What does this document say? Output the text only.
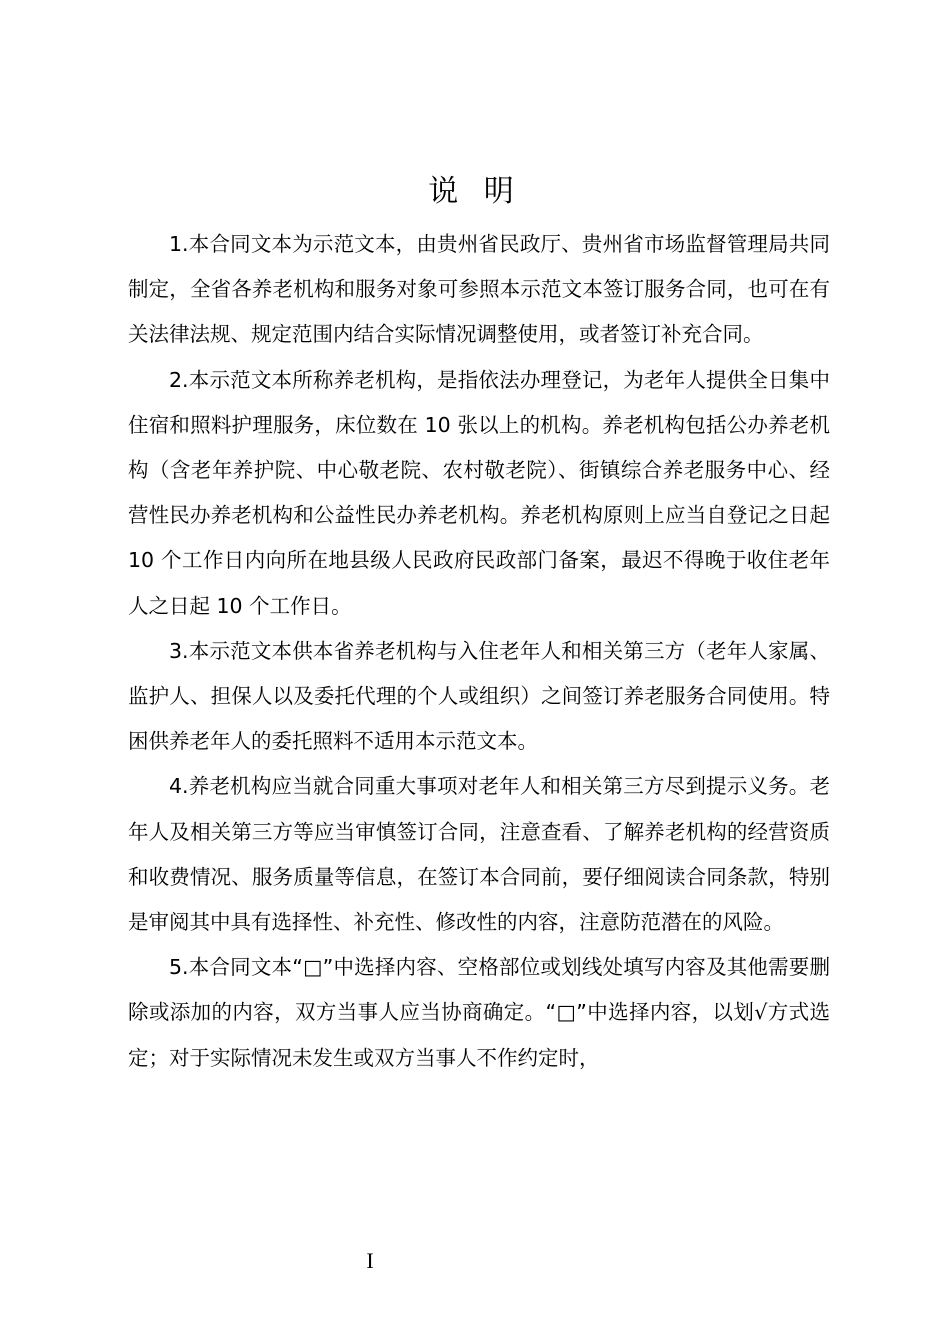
说 明

1.本合同文本为示范文本，由贵州省民政厅、贵州省市场监督管理局共同制定，全省各养老机构和服务对象可参照本示范文本签订服务合同，也可在有关法律法规、规定范围内结合实际情况调整使用，或者签订补充合同。

2.本示范文本所称养老机构，是指依法办理登记，为老年人提供全日集中住宿和照料护理服务，床位数在 10 张以上的机构。养老机构包括公办养老机构（含老年养护院、中心敬老院、农村敬老院）、街镇综合养老服务中心、经营性民办养老机构和公益性民办养老机构。养老机构原则上应当自登记之日起 10 个工作日内向所在地县级人民政府民政部门备案，最迟不得晚于收住老年人之日起 10 个工作日。

3.本示范文本供本省养老机构与入住老年人和相关第三方（老年人家属、监护人、担保人以及委托代理的个人或组织）之间签订养老服务合同使用。特困供养老年人的委托照料不适用本示范文本。

4.养老机构应当就合同重大事项对老年人和相关第三方尽到提示义务。老年人及相关第三方等应当审慎签订合同，注意查看、了解养老机构的经营资质和收费情况、服务质量等信息，在签订本合同前，要仔细阅读合同条款，特别是审阅其中具有选择性、补充性、修改性的内容，注意防范潜在的风险。

5.本合同文本“□”中选择内容、空格部位或划线处填写内容及其他需要删除或添加的内容，双方当事人应当协商确定。“□”中选择内容，以划√方式选定；对于实际情况未发生或双方当事人不作约定时，

I
